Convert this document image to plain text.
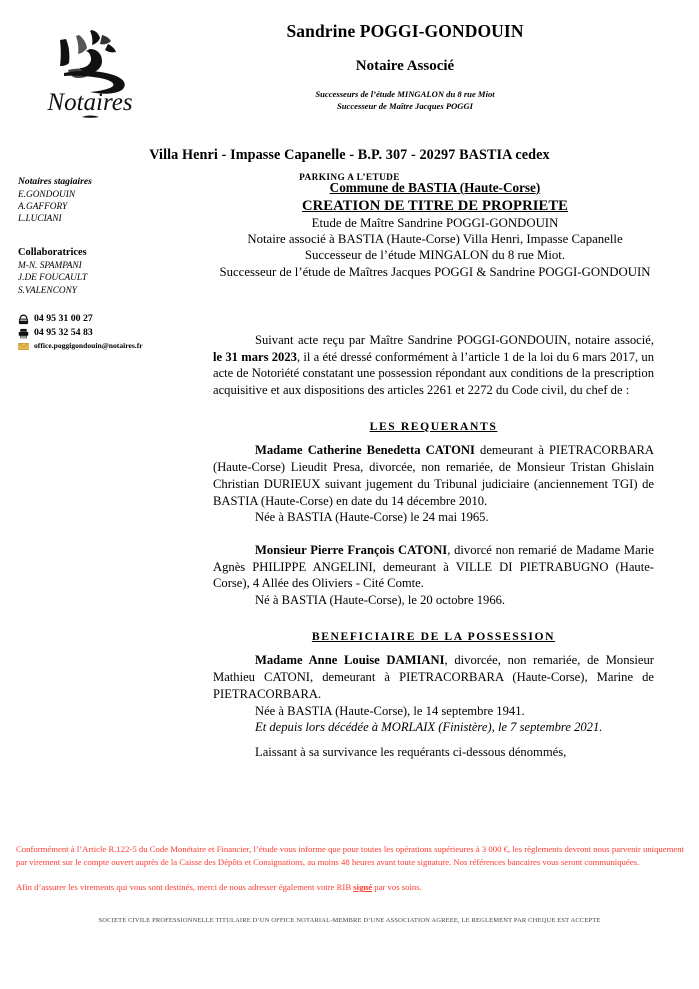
Notaires
Sandrine POGGI-GONDOUIN
Notaire Associé
Successeurs de l’étude MINGALON du 8 rue Miot
Successeur de Maître Jacques POGGI
Villa Henri - Impasse Capanelle - B.P. 307 - 20297 BASTIA cedex
PARKING A L’ETUDE
Notaires stagiaires
E.GONDOUIN
A.GAFFORY
L.LUCIANI
Collaboratrices
M-N. SPAMPANI
J.DE FOUCAULT
S.VALENCONY
04 95 31 00 27
04 95 32 54 83
office.poggigondouin@notaires.fr
Commune de BASTIA (Haute-Corse)
CREATION DE TITRE DE PROPRIETE
Etude de Maître Sandrine POGGI-GONDOUIN
Notaire associé à BASTIA (Haute-Corse) Villa Henri, Impasse Capanelle
Successeur de l’étude MINGALON du 8 rue Miot.
Successeur de l’étude de Maîtres Jacques POGGI & Sandrine POGGI-GONDOUIN

Suivant acte reçu par Maître Sandrine POGGI-GONDOUIN, notaire associé, le 31 mars 2023, il a été dressé conformément à l’article 1 de la loi du 6 mars 2017, un acte de Notoriété constatant une possession répondant aux conditions de la prescription acquisitive et aux dispositions des articles 2261 et 2272 du Code civil, du chef de :

LES REQUERANTS

Madame Catherine Benedetta CATONI demeurant à PIETRACORBARA (Haute-Corse) Lieudit Presa, divorcée, non remariée, de Monsieur Tristan Ghislain Christian DURIEUX suivant jugement du Tribunal judiciaire (anciennement TGI) de BASTIA (Haute-Corse) en date du 14 décembre 2010.

Née à BASTIA (Haute-Corse) le 24 mai 1965.

Monsieur Pierre François CATONI, divorcé non remarié de Madame Marie Agnès PHILIPPE ANGELINI, demeurant à VILLE DI PIETRABUGNO (Haute-Corse), 4 Allée des Oliviers - Cité Comte.

Né à BASTIA (Haute-Corse), le 20 octobre 1966.

BENEFICIAIRE DE LA POSSESSION

Madame Anne Louise DAMIANI, divorcée, non remariée, de Monsieur Mathieu CATONI, demeurant à PIETRACORBARA (Haute-Corse), Marine de PIETRACORBARA.

Née à BASTIA (Haute-Corse), le 14 septembre 1941.

Et depuis lors décédée à MORLAIX (Finistère), le 7 septembre 2021.

Laissant à sa survivance les requérants ci-dessous dénommés,

Conformément à l’Article R.122-5 du Code Monétaire et Financier, l’étude vous informe que pour toutes les opérations supérieures à 3 000 €, les règlements devront nous parvenir uniquement par virement sur le compte ouvert auprès de la Caisse des Dépôts et Consignations, au moins 48 heures avant toute signature. Nos références bancaires vous seront communiquées.

Afin d’assurer les virements qui vous sont destinés, merci de nous adresser également votre RIB signé par vos soins.

SOCIETE CIVILE PROFESSIONNELLE TITULAIRE D’UN OFFICE NOTARIAL-MEMBRE D’UNE ASSOCIATION AGREEE, LE REGLEMENT PAR CHEQUE EST ACCEPTE
